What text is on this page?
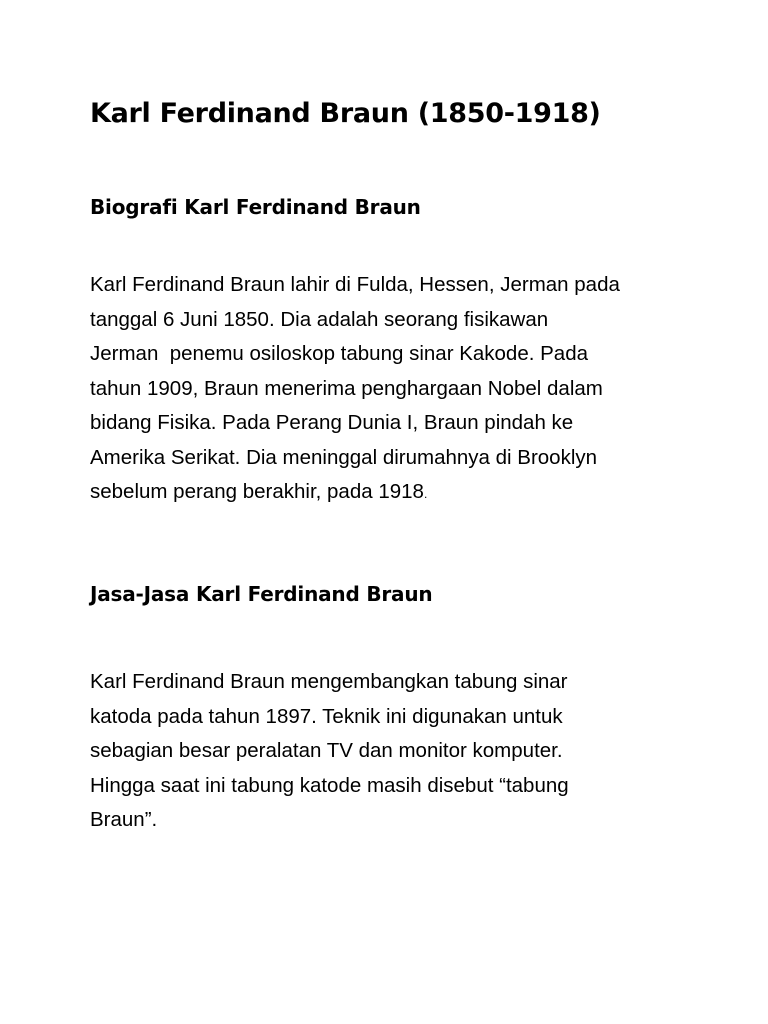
Karl Ferdinand Braun (1850-1918)
Biografi Karl Ferdinand Braun

Karl Ferdinand Braun lahir di Fulda, Hessen, Jerman pada
tanggal 6 Juni 1850. Dia adalah seorang fisikawan
Jerman  penemu osiloskop tabung sinar Kakode. Pada
tahun 1909, Braun menerima penghargaan Nobel dalam
bidang Fisika. Pada Perang Dunia I, Braun pindah ke
Amerika Serikat. Dia meninggal dirumahnya di Brooklyn
sebelum perang berakhir, pada 1918.

Jasa-Jasa Karl Ferdinand Braun

Karl Ferdinand Braun mengembangkan tabung sinar
katoda pada tahun 1897. Teknik ini digunakan untuk
sebagian besar peralatan TV dan monitor komputer.
Hingga saat ini tabung katode masih disebut “tabung
Braun”.
